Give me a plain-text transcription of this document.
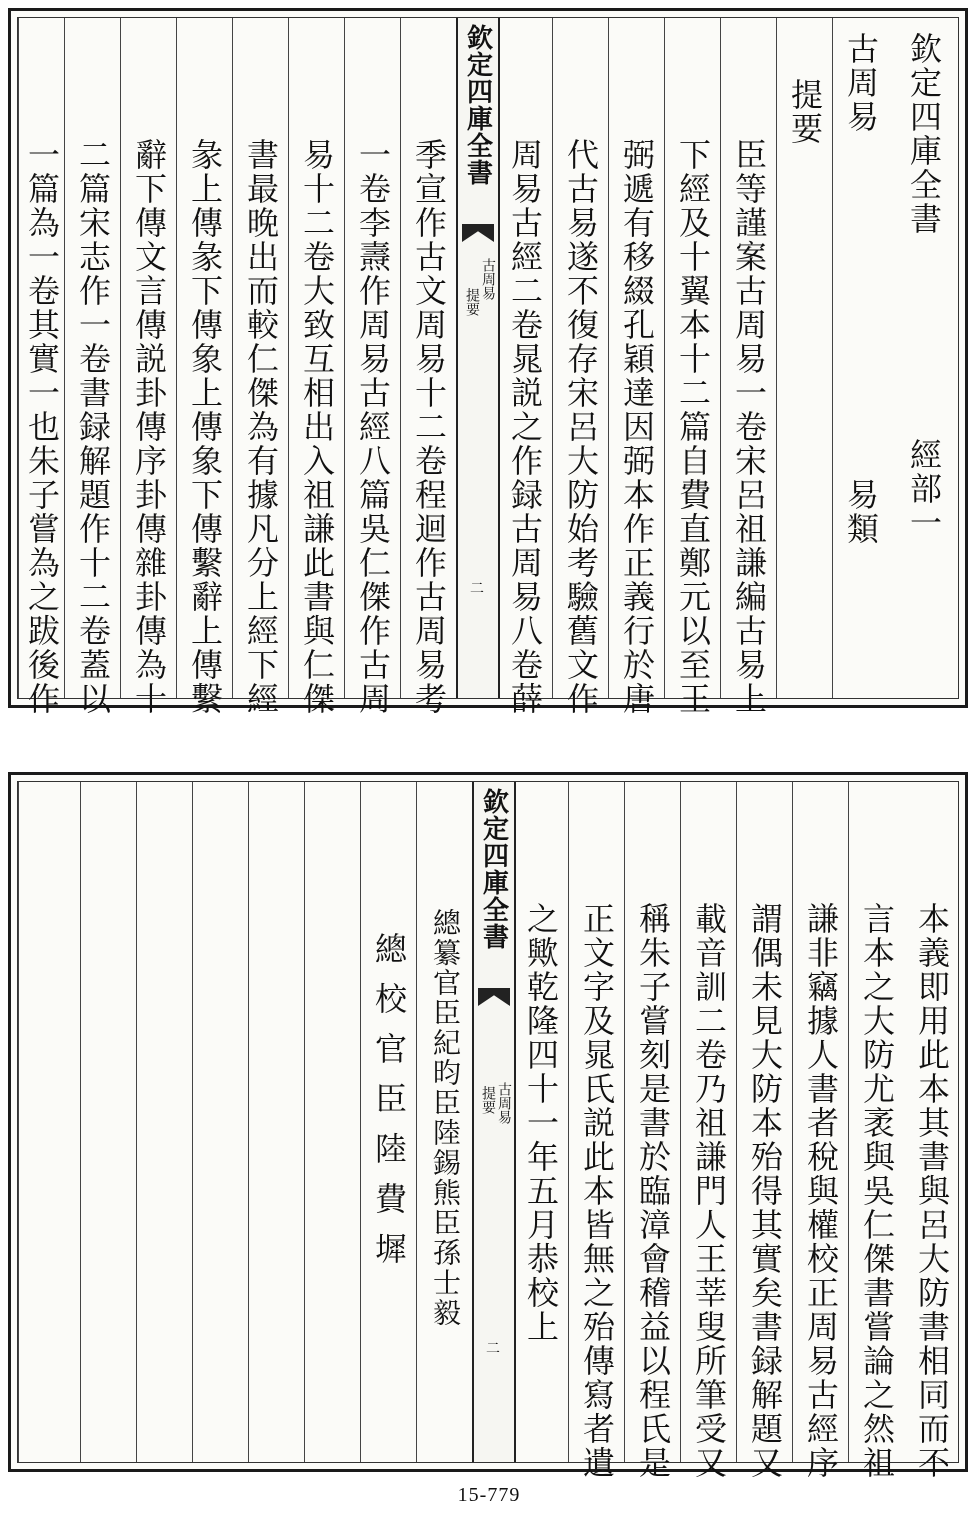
欽定四庫全書
經部一
古周易
易類
提要
臣等謹案古周易一卷宋呂祖謙編古易上
下經及十翼本十二篇自費直鄭元以至王
弼遞有移綴孔穎達因弼本作正義行於唐
代古易遂不復存宋呂大防始考驗舊文作
周易古經二卷晁説之作録古周易八卷薛
欽定四庫全書
古周易
提要
二
季宣作古文周易十二卷程迴作古周易考
一卷李燾作周易古經八篇吳仁傑作古周
易十二卷大致互相出入祖謙此書與仁傑
書最晚出而較仁傑為有據凡分上經下經
彖上傳彖下傳象上傳象下傳繫辭上傳繫
辭下傳文言傳説卦傳序卦傳雜卦傳為十
二篇宋志作一卷書録解題作十二卷蓋以
一篇為一卷其實一也朱子嘗為之跋後作
本義即用此本其書與呂大防書相同而不
言本之大防尤袤與吳仁傑書嘗論之然祖
謙非竊據人書者稅與權校正周易古經序
謂偶未見大防本殆得其實矣書録解題又
載音訓二卷乃祖謙門人王莘叟所筆受又
稱朱子嘗刻是書於臨漳會稽益以程氏是
正文字及晁氏説此本皆無之殆傳寫者遺
之歟乾隆四十一年五月恭校上
欽定四庫全書
古周易
提要
二
總纂官臣紀昀臣陸錫熊臣孫士毅
總校官臣陸費墀
15-779
